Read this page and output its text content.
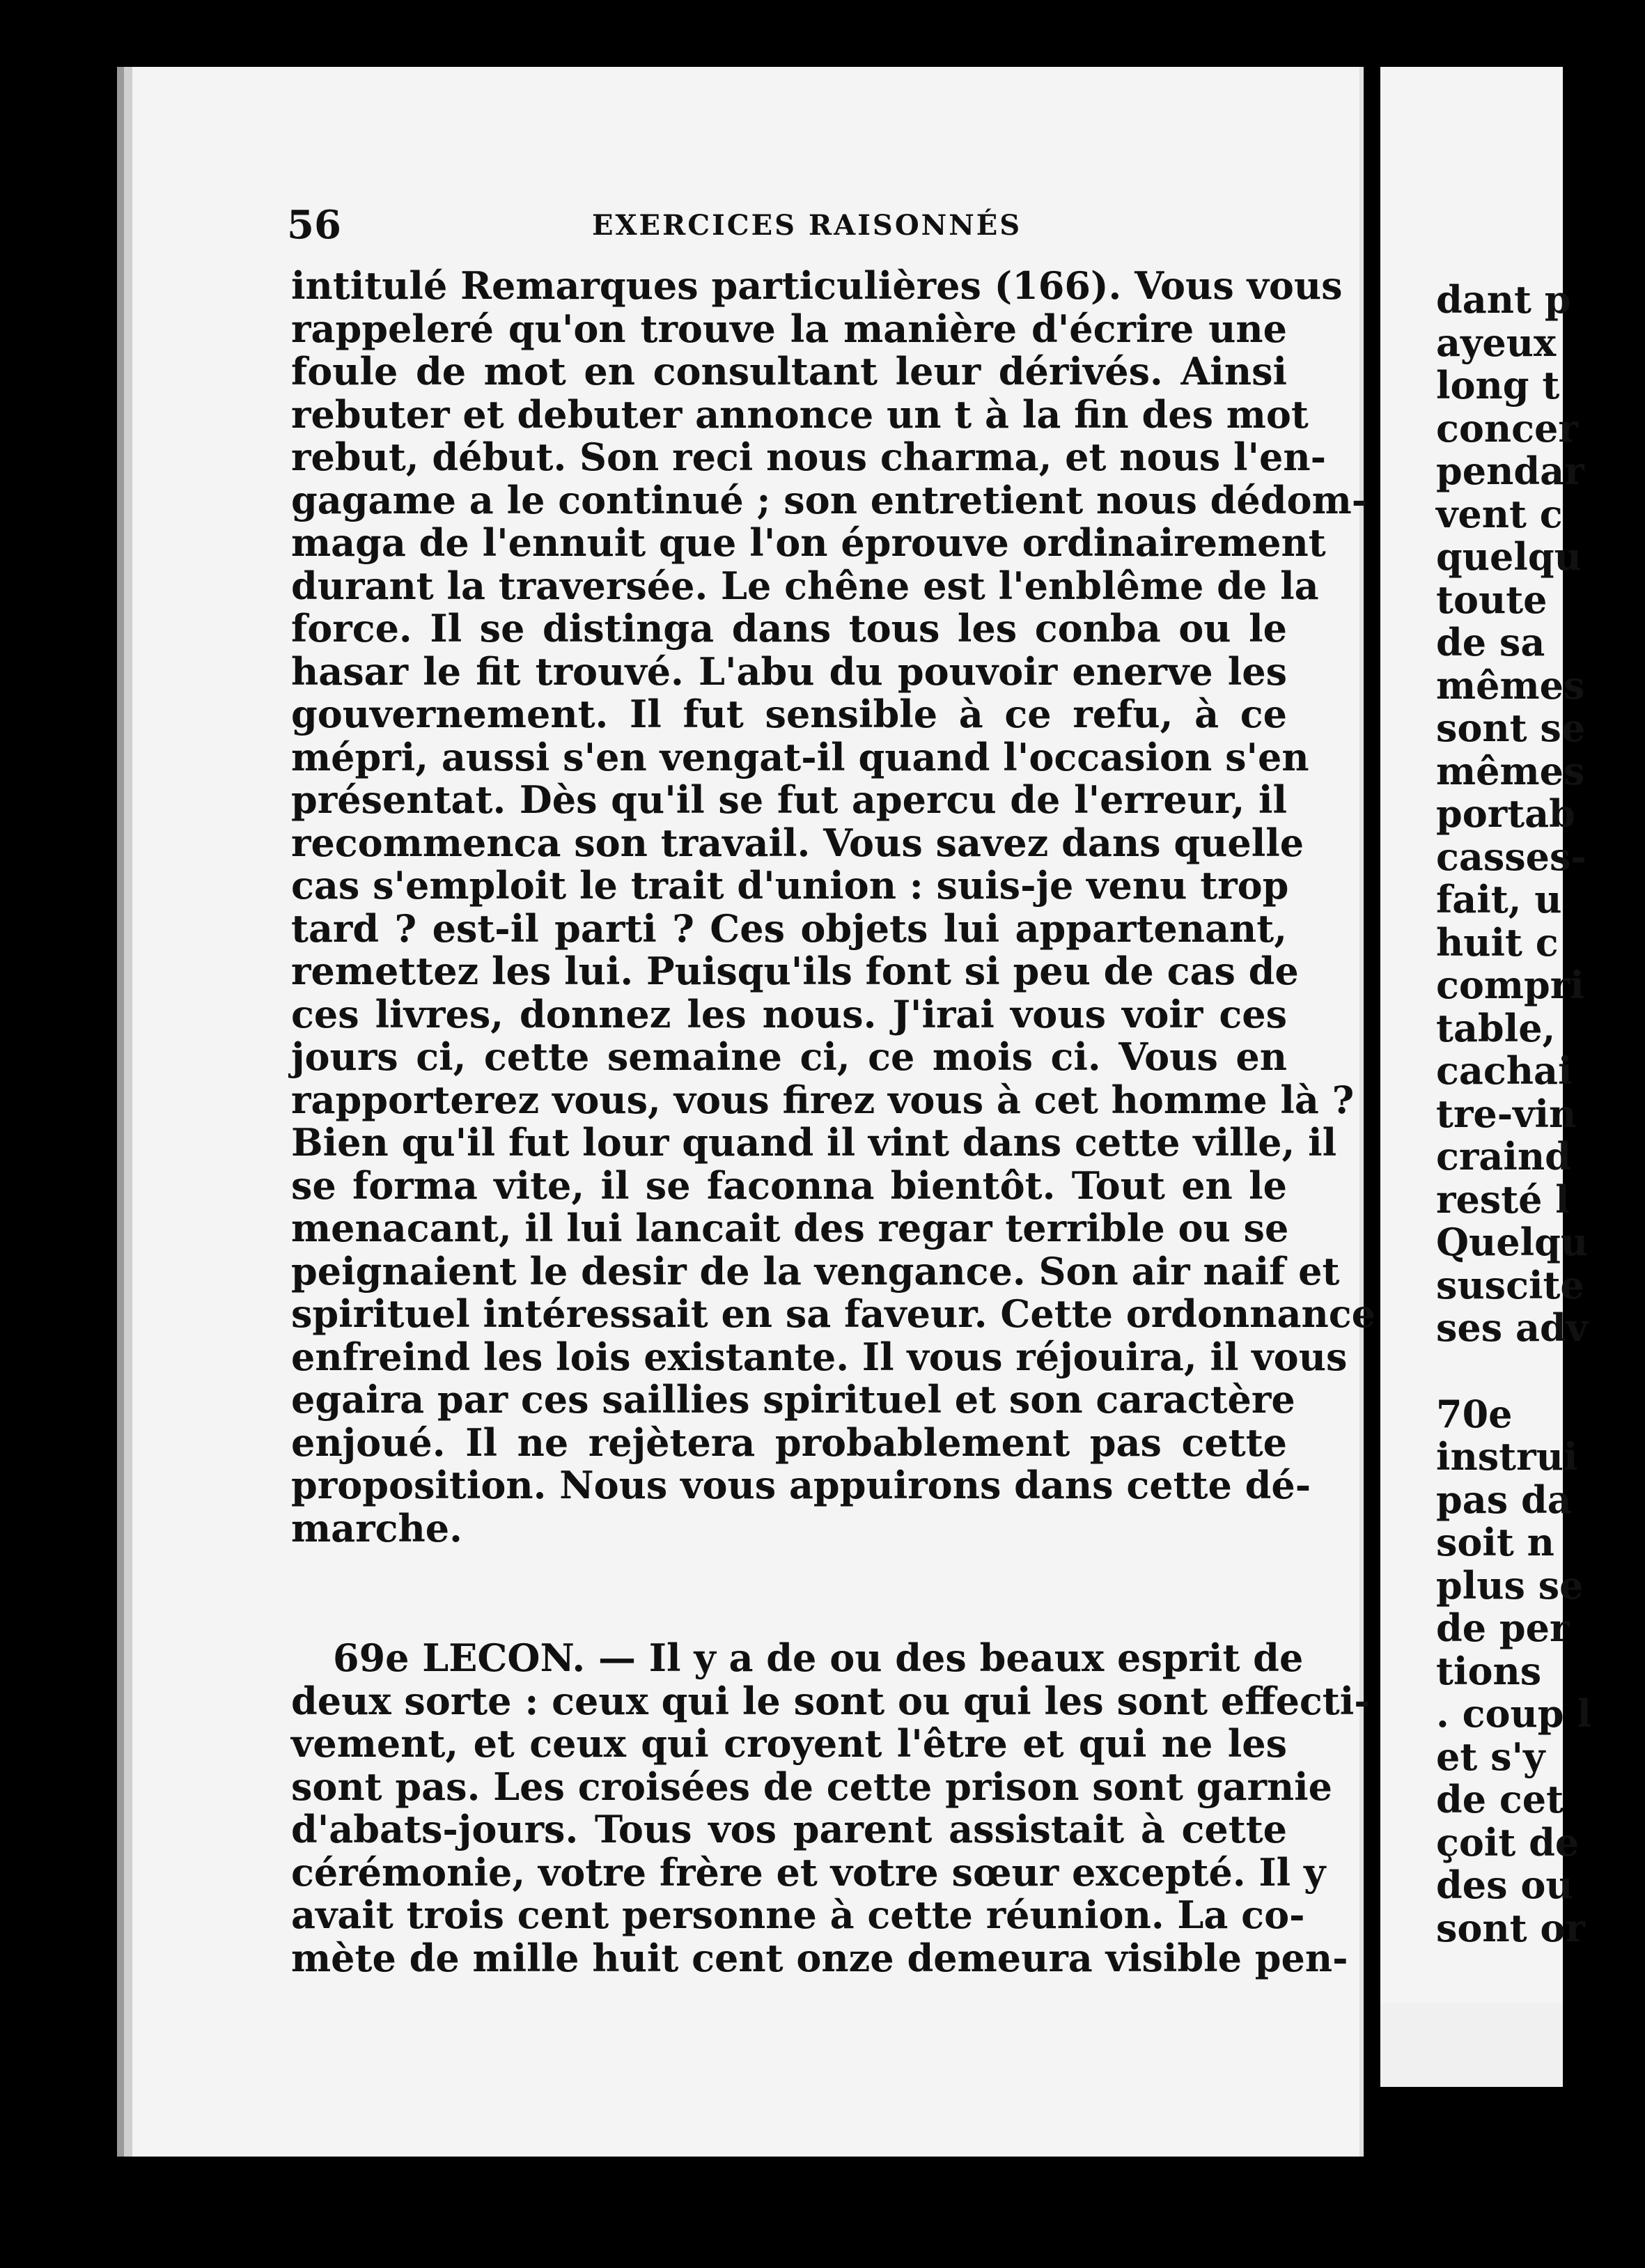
56	EXERCICES RAISONNÉS
intitulé Remarques particulières (166). Vous vous
rappeleré qu'on trouve la manière d'écrire une
foule de mot en consultant leur dérivés. Ainsi
rebuter et debuter annonce un t à la fin des mot
rebut, début. Son reci nous charma, et nous l'en-
gagame a le continué ; son entretient nous dédom-
maga de l'ennuit que l'on éprouve ordinairement
durant la traversée. Le chêne est l'enblême de la
force. Il se distinga dans tous les conba ou le
hasar le fit trouvé. L'abu du pouvoir enerve les
gouvernement. Il fut sensible à ce refu, à ce
mépri, aussi s'en vengat-il quand l'occasion s'en
présentat. Dès qu'il se fut apercu de l'erreur, il
recommenca son travail. Vous savez dans quelle
cas s'emploit le trait d'union : suis-je venu trop
tard ? est-il parti ? Ces objets lui appartenant,
remettez les lui. Puisqu'ils font si peu de cas de
ces livres, donnez les nous. J'irai vous voir ces
jours ci, cette semaine ci, ce mois ci. Vous en
rapporterez vous, vous firez vous à cet homme là ?
Bien qu'il fut lour quand il vint dans cette ville, il
se forma vite, il se faconna bientôt. Tout en le
menacant, il lui lancait des regar terrible ou se
peignaient le desir de la vengance. Son air naif et
spirituel intéressait en sa faveur. Cette ordonnance
enfreind les lois existante. Il vous réjouira, il vous
egaira par ces saillies spirituel et son caractère
enjoué. Il ne rejètera probablement pas cette
proposition. Nous vous appuirons dans cette dé-
marche.
69e LECON. — Il y a de ou des beaux esprit de
deux sorte : ceux qui le sont ou qui les sont effecti-
vement, et ceux qui croyent l'être et qui ne les
sont pas. Les croisées de cette prison sont garnie
d'abats-jours. Tous vos parent assistait à cette
cérémonie, votre frère et votre sœur excepté. Il y
avait trois cent personne à cette réunion. La co-
mète de mille huit cent onze demeura visible pen-
dant p
ayeux
long t
concer
pendar
vent c
quelqu
toute
de sa
mêmes
sont se
mêmes
portab
casses-
fait, u
huit c
compri
table,
cachai
tre-vin
craind
resté l
Quelqu
suscite
ses adv
70e
instrui
pas da
soit n
plus se
de per
tions
. coup l
et s'y
de cet
çoit de
des ou
sont or
